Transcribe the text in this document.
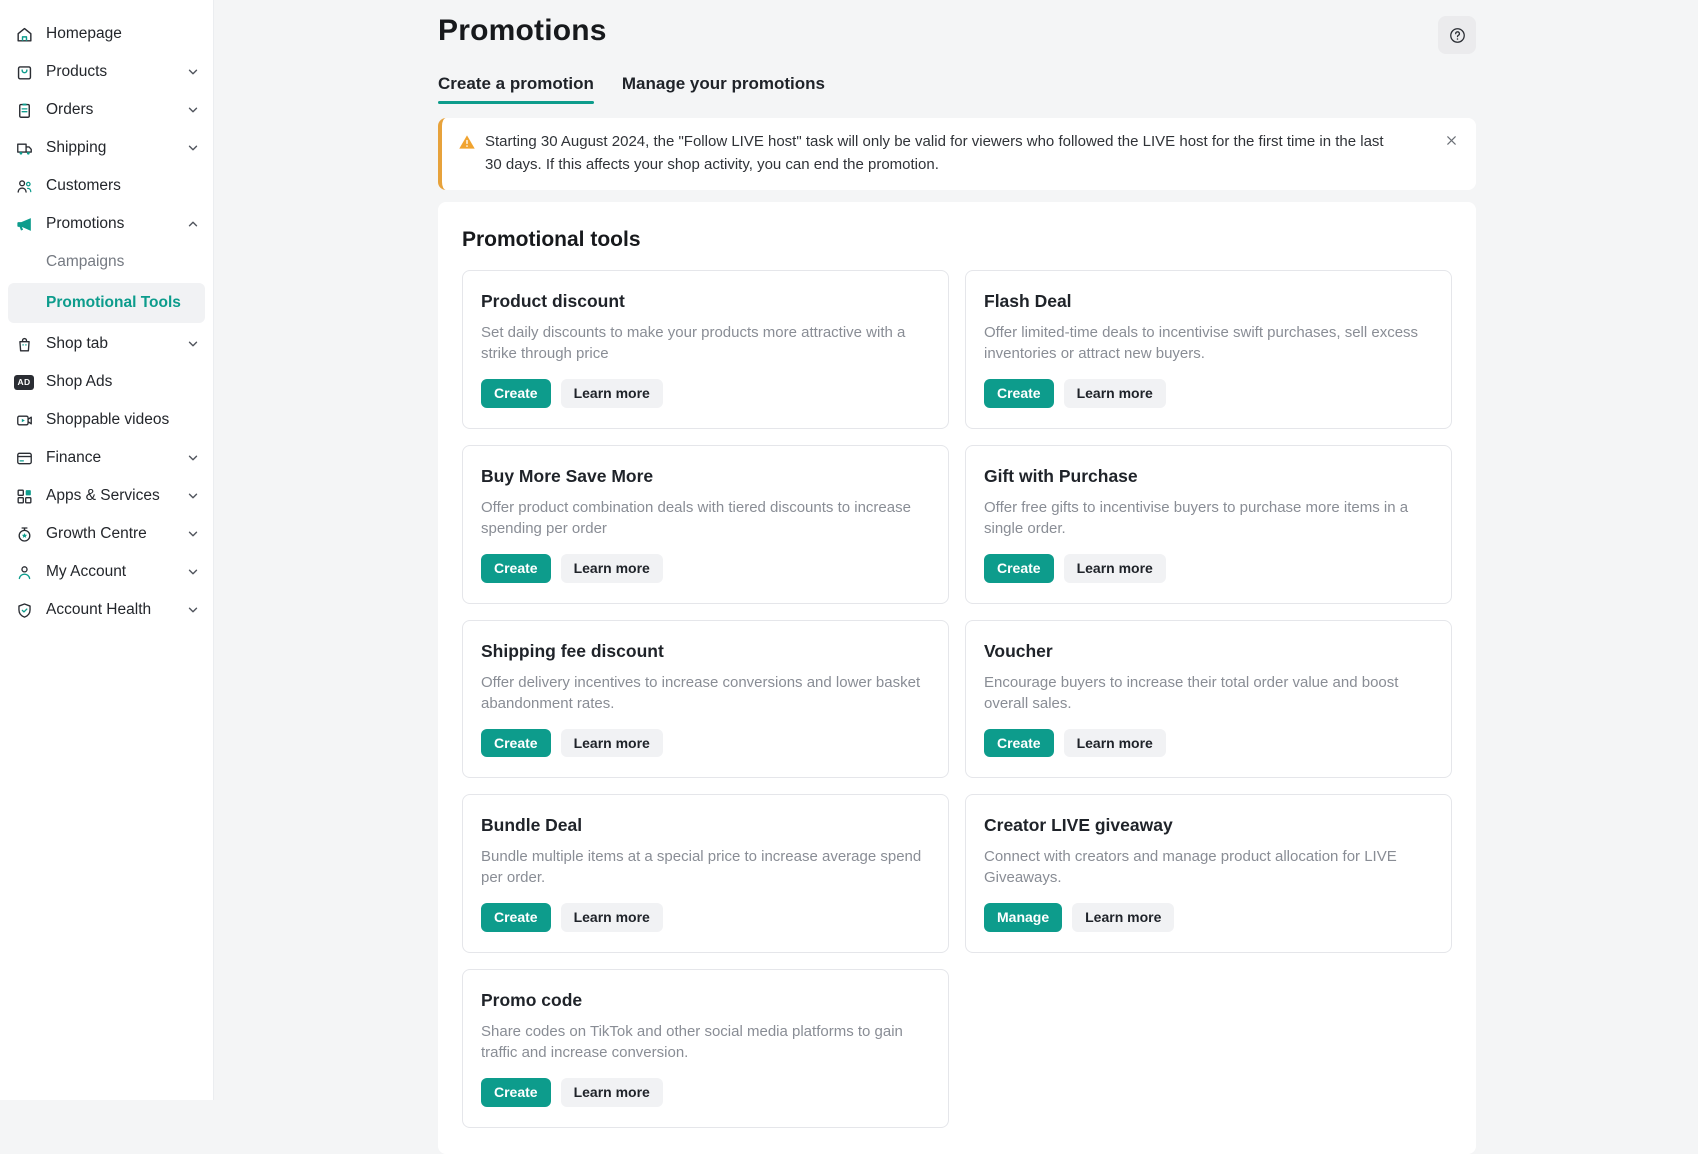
Homepage
Products
Orders
Shipping
Customers
Promotions
Campaigns
Promotional Tools
Shop tab
AD Shop Ads
Shoppable videos
Finance
Apps & Services
Growth Centre
My Account
Account Health
Promotions
Create a promotion Manage your promotions
Starting 30 August 2024, the "Follow LIVE host" task will only be valid for viewers who followed the LIVE host for the first time in the last 30 days. If this affects your shop activity, you can end the promotion.
Promotional tools
Product discount
Set daily discounts to make your products more attractive with a strike through price
Create	Learn more
Flash Deal
Offer limited-time deals to incentivise swift purchases, sell excess inventories or attract new buyers.
Create	Learn more
Buy More Save More
Offer product combination deals with tiered discounts to increase spending per order
Create	Learn more
Gift with Purchase
Offer free gifts to incentivise buyers to purchase more items in a single order.
Create	Learn more
Shipping fee discount
Offer delivery incentives to increase conversions and lower basket abandonment rates.
Create	Learn more
Voucher
Encourage buyers to increase their total order value and boost overall sales.
Create	Learn more
Bundle Deal
Bundle multiple items at a special price to increase average spend per order.
Create	Learn more
Creator LIVE giveaway
Connect with creators and manage product allocation for LIVE Giveaways.
Manage	Learn more
Promo code
Share codes on TikTok and other social media platforms to gain traffic and increase conversion.
Create	Learn more
